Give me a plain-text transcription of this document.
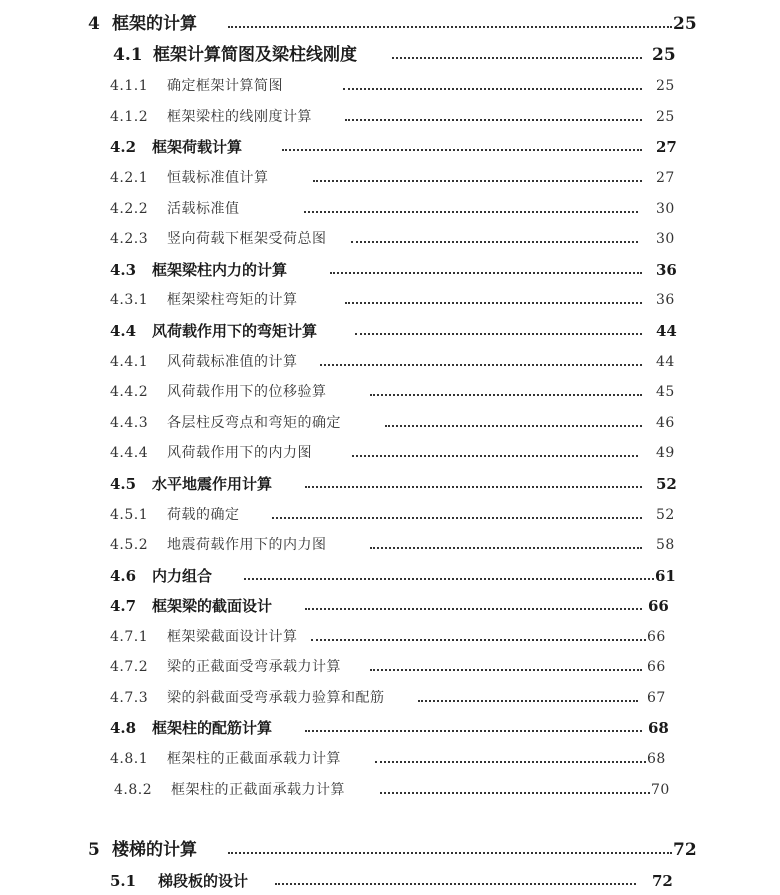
4 框架的计算	25
4.1 框架计算简图及梁柱线刚度	25
4.1.1 确定框架计算简图	25
4.1.2 框架梁柱的线刚度计算	25
4.2 框架荷载计算	27
4.2.1 恒载标准值计算	27
4.2.2 活载标准值	30
4.2.3 竖向荷载下框架受荷总图	30
4.3 框架梁柱内力的计算	36
4.3.1 框架梁柱弯矩的计算	36
4.4 风荷载作用下的弯矩计算	44
4.4.1 风荷载标准值的计算	44
4.4.2 风荷载作用下的位移验算	45
4.4.3 各层柱反弯点和弯矩的确定	46
4.4.4 风荷载作用下的内力图	49
4.5 水平地震作用计算	52
4.5.1 荷载的确定	52
4.5.2 地震荷载作用下的内力图	58
4.6 内力组合	61
4.7 框架梁的截面设计	66
4.7.1 框架梁截面设计计算	66
4.7.2 梁的正截面受弯承载力计算	66
4.7.3 梁的斜截面受弯承载力验算和配筋	67
4.8 框架柱的配筋计算	68
4.8.1 框架柱的正截面承载力计算	68
4.8.2 框架柱的正截面承载力计算	70
5 楼梯的计算	72
5.1 梯段板的设计	72
